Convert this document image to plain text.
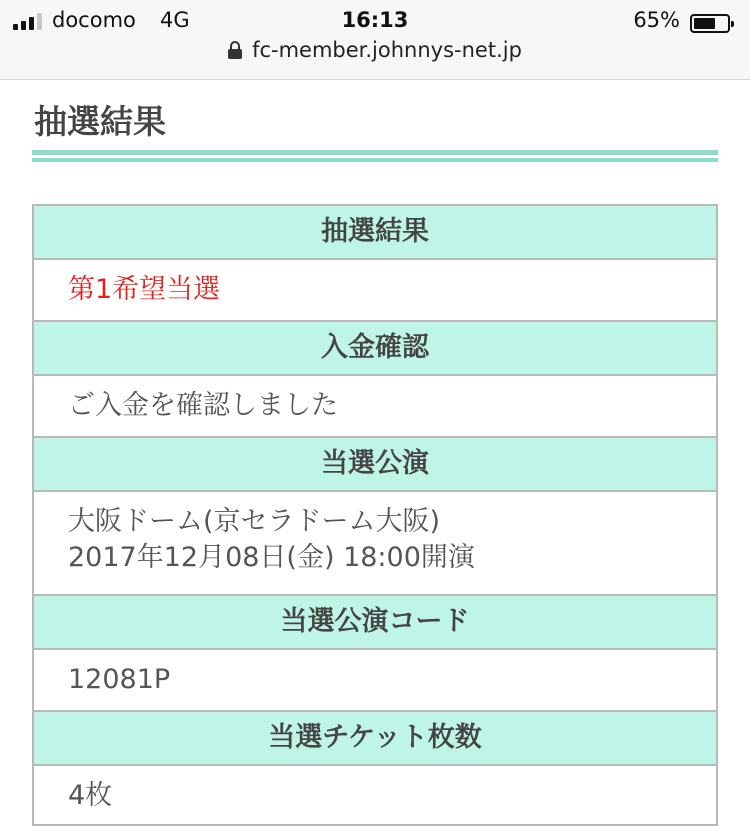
docomo 4G	16:13	65%
fc-member.johnnys-net.jp
抽選結果
抽選結果
第1希望当選
入金確認
ご入金を確認しました
当選公演
大阪ドーム(京セラドーム大阪)
2017年12月08日(金) 18:00開演
当選公演コード
12081P
当選チケット枚数
4枚
